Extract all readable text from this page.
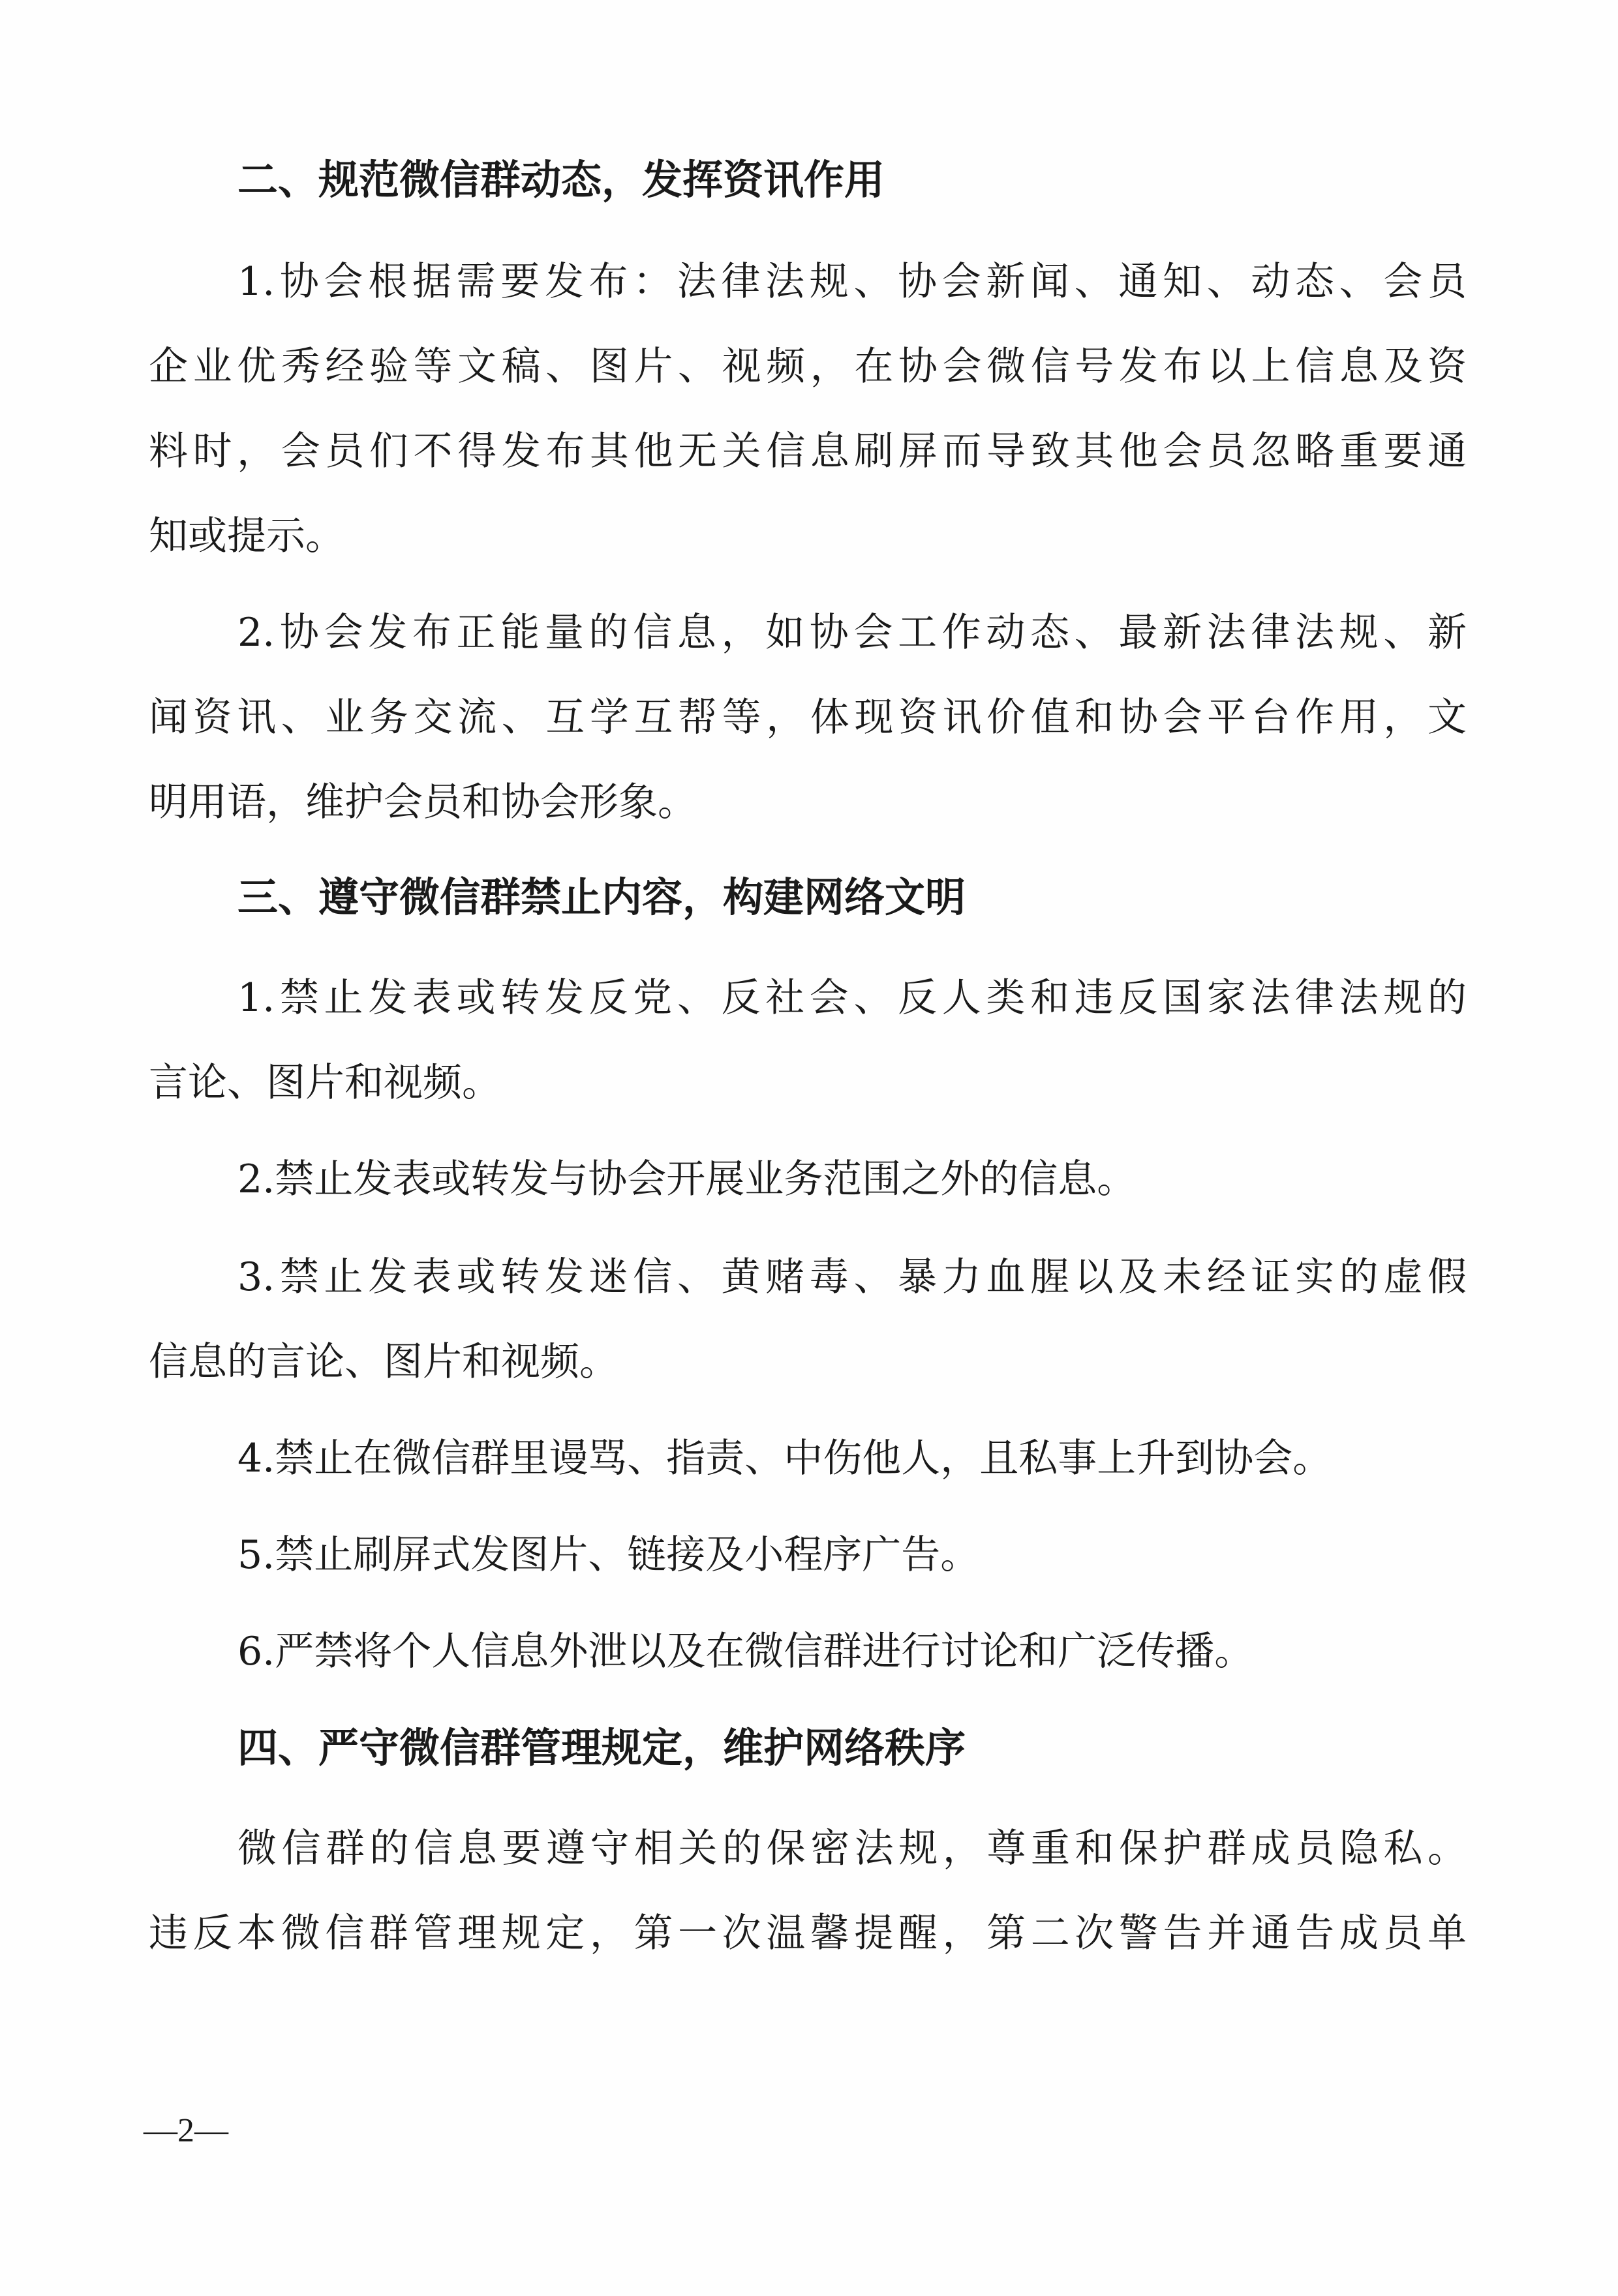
二、规范微信群动态，发挥资讯作用
1.协会根据需要发布：法律法规、协会新闻、通知、动态、会员
企业优秀经验等文稿、图片、视频，在协会微信号发布以上信息及资
料时，会员们不得发布其他无关信息刷屏而导致其他会员忽略重要通
知或提示。
2.协会发布正能量的信息，如协会工作动态、最新法律法规、新
闻资讯、业务交流、互学互帮等，体现资讯价值和协会平台作用，文
明用语，维护会员和协会形象。
三、遵守微信群禁止内容，构建网络文明
1.禁止发表或转发反党、反社会、反人类和违反国家法律法规的
言论、图片和视频。
2.禁止发表或转发与协会开展业务范围之外的信息。
3.禁止发表或转发迷信、黄赌毒、暴力血腥以及未经证实的虚假
信息的言论、图片和视频。
4.禁止在微信群里谩骂、指责、中伤他人，且私事上升到协会。
5.禁止刷屏式发图片、链接及小程序广告。
6.严禁将个人信息外泄以及在微信群进行讨论和广泛传播。
四、严守微信群管理规定，维护网络秩序
微信群的信息要遵守相关的保密法规，尊重和保护群成员隐私。
违反本微信群管理规定，第一次温馨提醒，第二次警告并通告成员单
—2—
